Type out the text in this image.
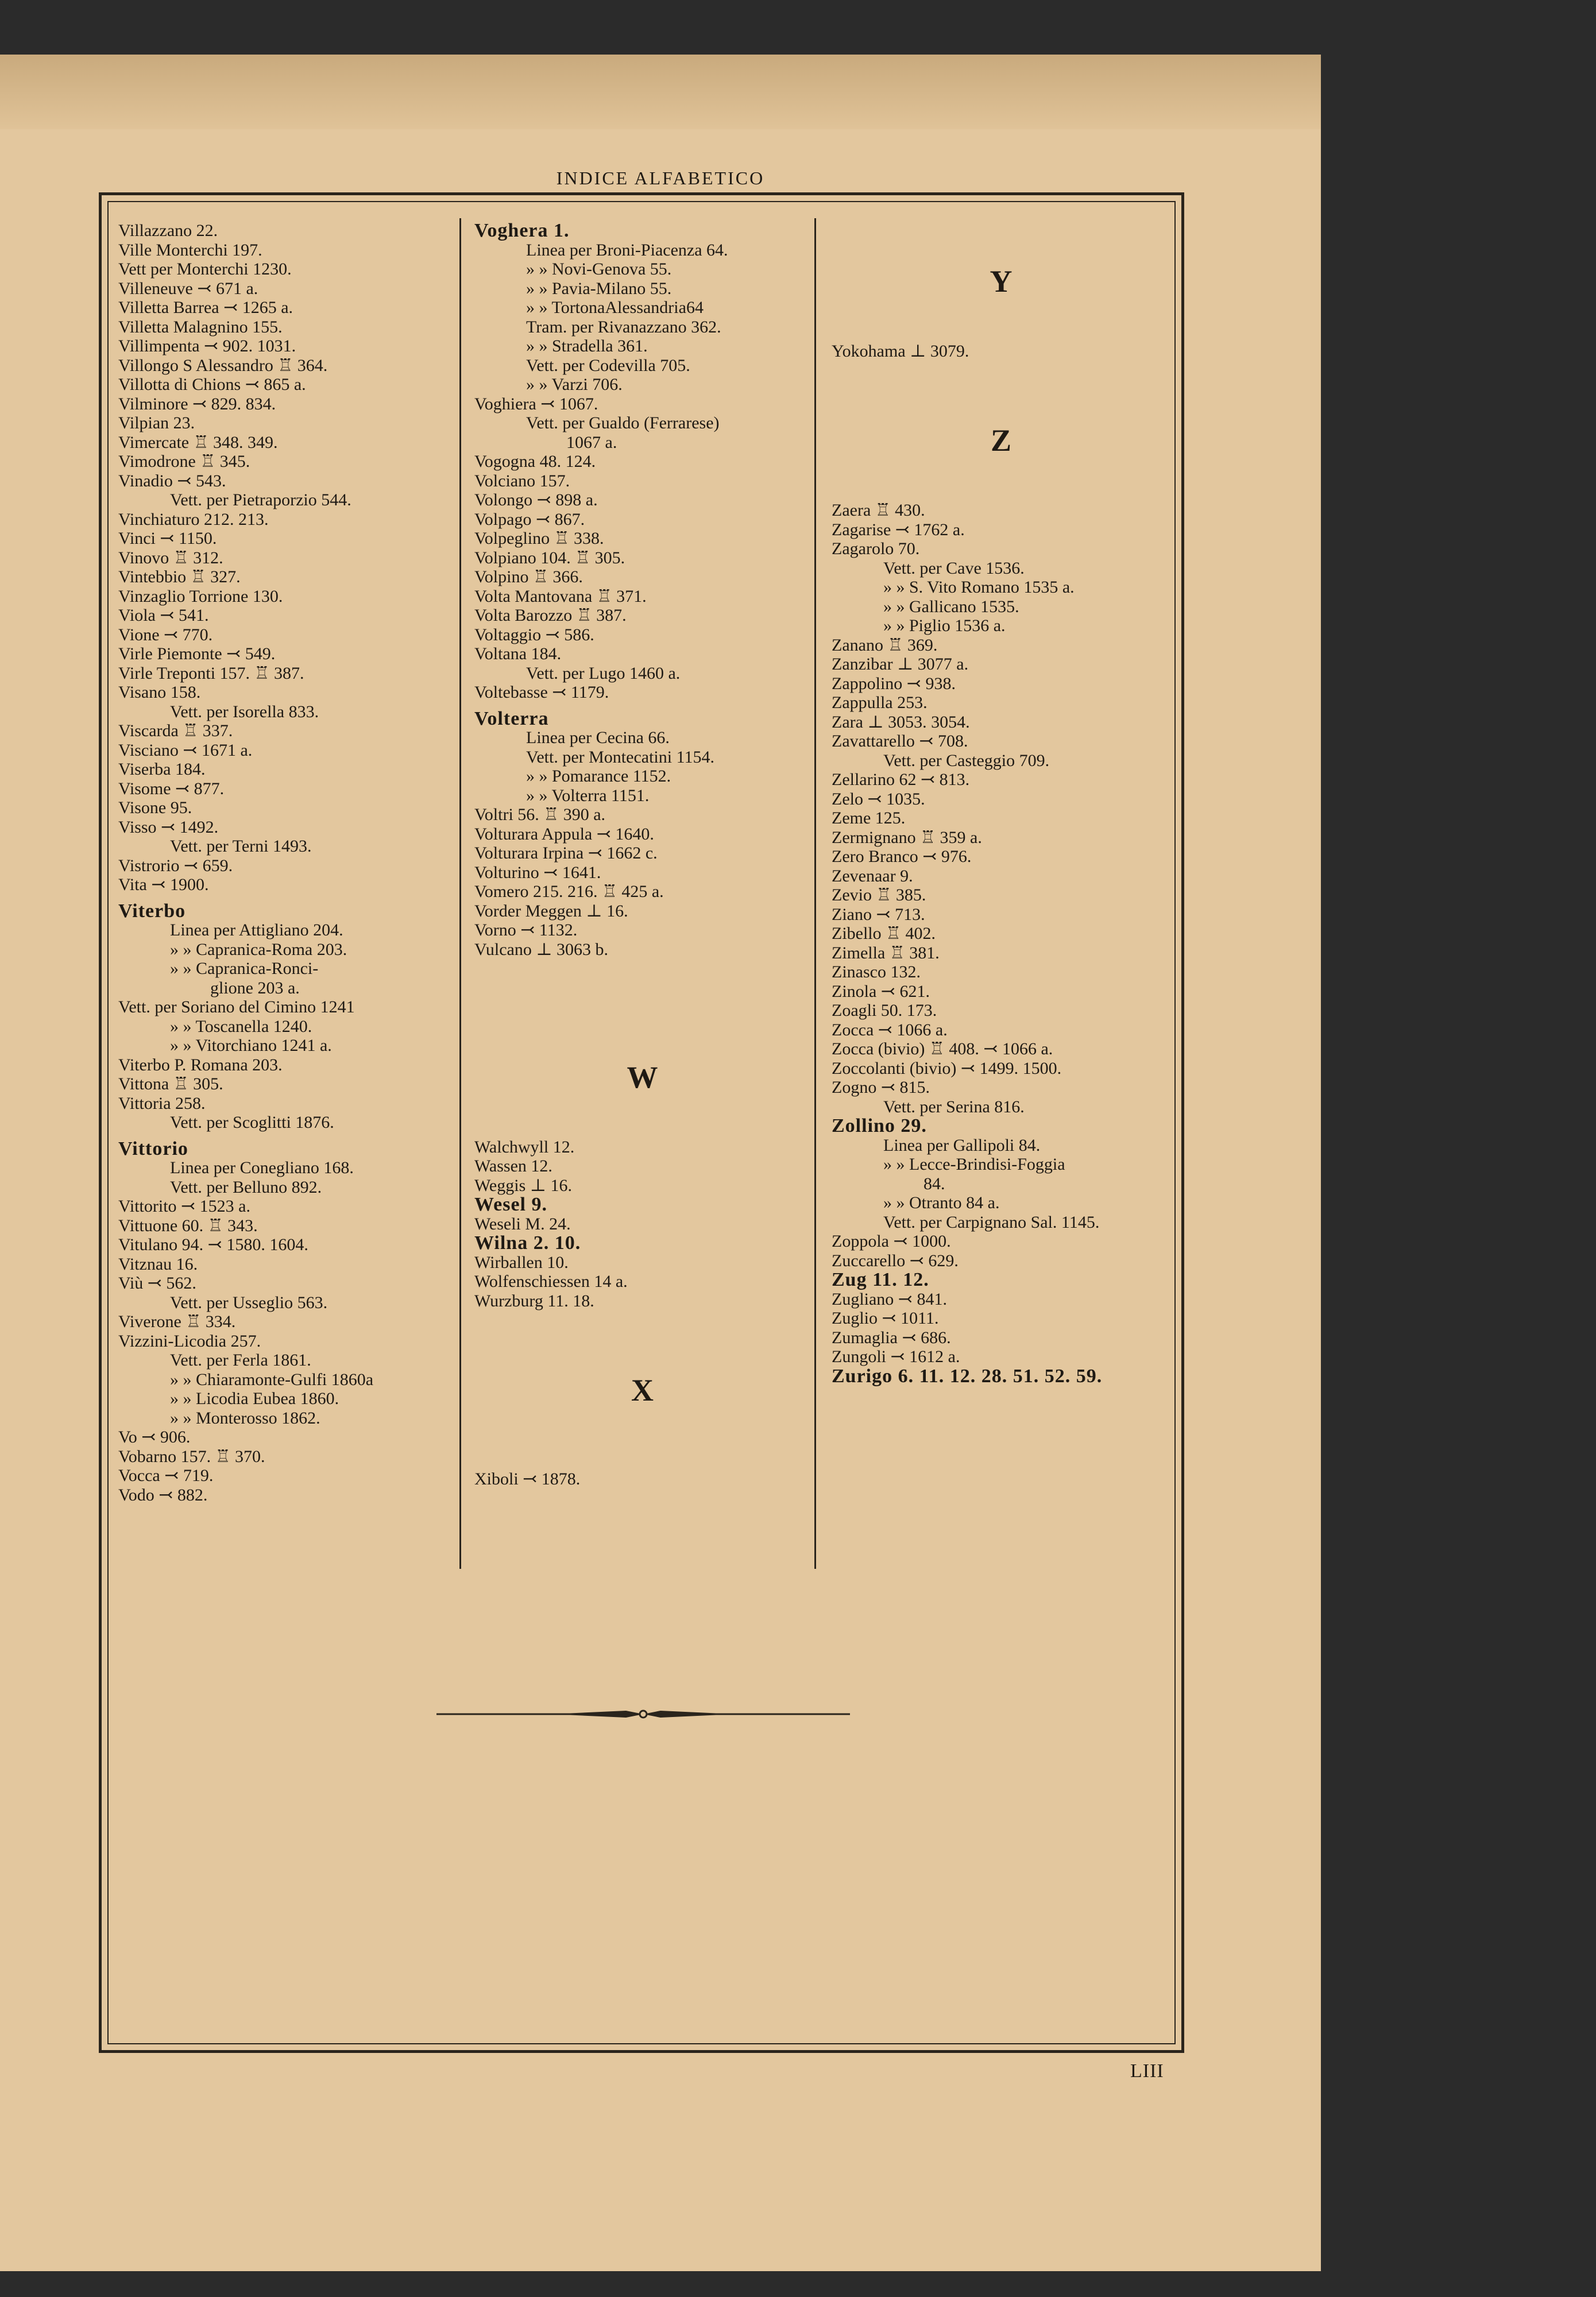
INDICE ALFABETICO
Villazzano 22.
Ville Monterchi 197.
Vett per Monterchi 1230.
Villeneuve ⤙ 671 a.
Villetta Barrea ⤙ 1265 a.
Villetta Malagnino 155.
Villimpenta ⤙ 902. 1031.
Villongo S Alessandro ♖ 364.
Villotta di Chions ⤙ 865 a.
Vilminore ⤙ 829. 834.
Vilpian 23.
Vimercate ♖ 348. 349.
Vimodrone ♖ 345.
Vinadio ⤙ 543.
Vett. per Pietraporzio 544.
Vinchiaturo 212. 213.
Vinci ⤙ 1150.
Vinovo ♖ 312.
Vintebbio ♖ 327.
Vinzaglio Torrione 130.
Viola ⤙ 541.
Vione ⤙ 770.
Virle Piemonte ⤙ 549.
Virle Treponti 157. ♖ 387.
Visano 158.
Vett. per Isorella 833.
Viscarda ♖ 337.
Visciano ⤙ 1671 a.
Viserba 184.
Visome ⤙ 877.
Visone 95.
Visso ⤙ 1492.
Vett. per Terni 1493.
Vistrorio ⤙ 659.
Vita ⤙ 1900.
Viterbo
Linea per Attigliano 204.
» » Capranica-Roma 203.
» » Capranica-Ronci-
glione 203 a.
Vett. per Soriano del Cimino 1241
» » Toscanella 1240.
» » Vitorchiano 1241 a.
Viterbo P. Romana 203.
Vittona ♖ 305.
Vittoria 258.
Vett. per Scoglitti 1876.
Vittorio
Linea per Conegliano 168.
Vett. per Belluno 892.
Vittorito ⤙ 1523 a.
Vittuone 60. ♖ 343.
Vitulano 94. ⤙ 1580. 1604.
Vitznau 16.
Viù ⤙ 562.
Vett. per Usseglio 563.
Viverone ♖ 334.
Vizzini-Licodia 257.
Vett. per Ferla 1861.
» » Chiaramonte-Gulfi 1860a
» » Licodia Eubea 1860.
» » Monterosso 1862.
Vo ⤙ 906.
Vobarno 157. ♖ 370.
Vocca ⤙ 719.
Vodo ⤙ 882.
Voghera 1.
Linea per Broni-Piacenza 64.
» » Novi-Genova 55.
» » Pavia-Milano 55.
» » TortonaAlessandria64
Tram. per Rivanazzano 362.
» » Stradella 361.
Vett. per Codevilla 705.
» » Varzi 706.
Voghiera ⤙ 1067.
Vett. per Gualdo (Ferrarese)
1067 a.
Vogogna 48. 124.
Volciano 157.
Volongo ⤙ 898 a.
Volpago ⤙ 867.
Volpeglino ♖ 338.
Volpiano 104. ♖ 305.
Volpino ♖ 366.
Volta Mantovana ♖ 371.
Volta Barozzo ♖ 387.
Voltaggio ⤙ 586.
Voltana 184.
Vett. per Lugo 1460 a.
Voltebasse ⤙ 1179.
Volterra
Linea per Cecina 66.
Vett. per Montecatini 1154.
» » Pomarance 1152.
» » Volterra 1151.
Voltri 56. ♖ 390 a.
Volturara Appula ⤙ 1640.
Volturara Irpina ⤙ 1662 c.
Volturino ⤙ 1641.
Vomero 215. 216. ♖ 425 a.
Vorder Meggen ⊥ 16.
Vorno ⤙ 1132.
Vulcano ⊥ 3063 b.
W
Walchwyll 12.
Wassen 12.
Weggis ⊥ 16.
Wesel 9.
Weseli M. 24.
Wilna 2. 10.
Wirballen 10.
Wolfenschiessen 14 a.
Wurzburg 11. 18.
X
Xiboli ⤙ 1878.
Y
Yokohama ⊥ 3079.
Z
Zaera ♖ 430.
Zagarise ⤙ 1762 a.
Zagarolo 70.
Vett. per Cave 1536.
» » S. Vito Romano 1535 a.
» » Gallicano 1535.
» » Piglio 1536 a.
Zanano ♖ 369.
Zanzibar ⊥ 3077 a.
Zappolino ⤙ 938.
Zappulla 253.
Zara ⊥ 3053. 3054.
Zavattarello ⤙ 708.
Vett. per Casteggio 709.
Zellarino 62 ⤙ 813.
Zelo ⤙ 1035.
Zeme 125.
Zermignano ♖ 359 a.
Zero Branco ⤙ 976.
Zevenaar 9.
Zevio ♖ 385.
Ziano ⤙ 713.
Zibello ♖ 402.
Zimella ♖ 381.
Zinasco 132.
Zinola ⤙ 621.
Zoagli 50. 173.
Zocca ⤙ 1066 a.
Zocca (bivio) ♖ 408. ⤙ 1066 a.
Zoccolanti (bivio) ⤙ 1499. 1500.
Zogno ⤙ 815.
Vett. per Serina 816.
Zollino 29.
Linea per Gallipoli 84.
» » Lecce-Brindisi-Foggia
84.
» » Otranto 84 a.
Vett. per Carpignano Sal. 1145.
Zoppola ⤙ 1000.
Zuccarello ⤙ 629.
Zug 11. 12.
Zugliano ⤙ 841.
Zuglio ⤙ 1011.
Zumaglia ⤙ 686.
Zungoli ⤙ 1612 a.
Zurigo 6. 11. 12. 28. 51. 52. 59.
LIII
